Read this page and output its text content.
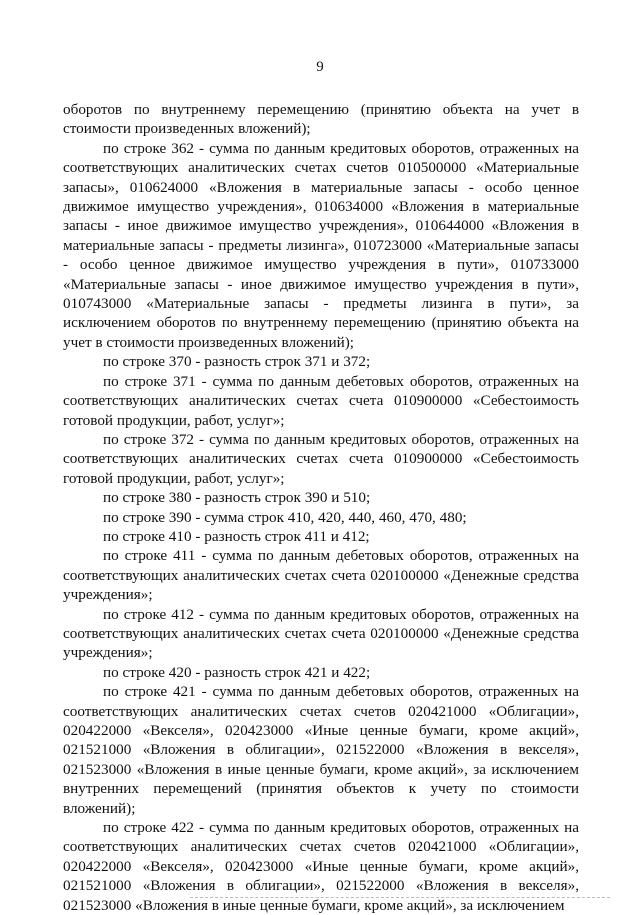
9

оборотов по внутреннему перемещению (принятию объекта на учет в стоимости произведенных вложений);

по строке 362 - сумма по данным кредитовых оборотов, отраженных на соответствующих аналитических счетах счетов 010500000 «Материальные запасы», 010624000 «Вложения в материальные запасы - особо ценное движимое имущество учреждения», 010634000 «Вложения в материальные запасы - иное движимое имущество учреждения», 010644000 «Вложения в материальные запасы - предметы лизинга», 010723000 «Материальные запасы - особо ценное движимое имущество учреждения в пути», 010733000 «Материальные запасы - иное движимое имущество учреждения в пути», 010743000 «Материальные запасы - предметы лизинга в пути», за исключением оборотов по внутреннему перемещению (принятию объекта на учет в стоимости произведенных вложений);

по строке 370 - разность строк 371 и 372;

по строке 371 - сумма по данным дебетовых оборотов, отраженных на соответствующих аналитических счетах счета 010900000 «Себестоимость готовой продукции, работ, услуг»;

по строке 372 - сумма по данным кредитовых оборотов, отраженных на соответствующих аналитических счетах счета 010900000 «Себестоимость готовой продукции, работ, услуг»;

по строке 380 - разность строк 390 и 510;

по строке 390 - сумма строк 410, 420, 440, 460, 470, 480;

по строке 410 - разность строк 411 и 412;

по строке 411 - сумма по данным дебетовых оборотов, отраженных на соответствующих аналитических счетах счета 020100000 «Денежные средства учреждения»;

по строке 412 - сумма по данным кредитовых оборотов, отраженных на соответствующих аналитических счетах счета 020100000 «Денежные средства учреждения»;

по строке 420 - разность строк 421 и 422;

по строке 421 - сумма по данным дебетовых оборотов, отраженных на соответствующих аналитических счетах счетов 020421000 «Облигации», 020422000 «Векселя», 020423000 «Иные ценные бумаги, кроме акций», 021521000 «Вложения в облигации», 021522000 «Вложения в векселя», 021523000 «Вложения в иные ценные бумаги, кроме акций», за исключением внутренних перемещений (принятия объектов к учету по стоимости вложений);

по строке 422 - сумма по данным кредитовых оборотов, отраженных на соответствующих аналитических счетах счетов 020421000 «Облигации», 020422000 «Векселя», 020423000 «Иные ценные бумаги, кроме акций», 021521000 «Вложения в облигации», 021522000 «Вложения в векселя», 021523000 «Вложения в иные ценные бумаги, кроме акций», за исключением
